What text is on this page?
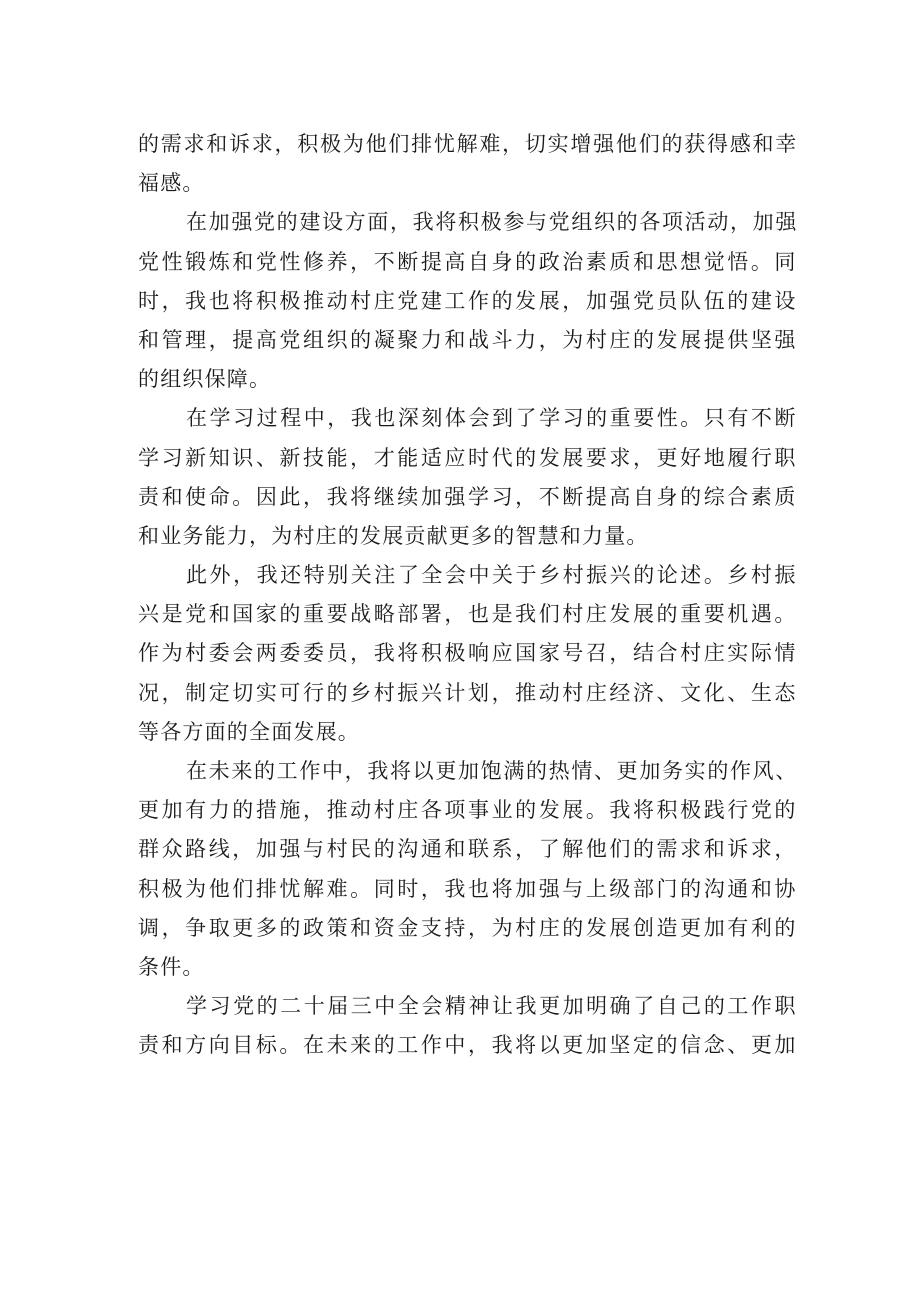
的需求和诉求，积极为他们排忧解难，切实增强他们的获得感和幸
福感。
在加强党的建设方面，我将积极参与党组织的各项活动，加强
党性锻炼和党性修养，不断提高自身的政治素质和思想觉悟。同
时，我也将积极推动村庄党建工作的发展，加强党员队伍的建设
和管理，提高党组织的凝聚力和战斗力，为村庄的发展提供坚强
的组织保障。
在学习过程中，我也深刻体会到了学习的重要性。只有不断
学习新知识、新技能，才能适应时代的发展要求，更好地履行职
责和使命。因此，我将继续加强学习，不断提高自身的综合素质
和业务能力，为村庄的发展贡献更多的智慧和力量。
此外，我还特别关注了全会中关于乡村振兴的论述。乡村振
兴是党和国家的重要战略部署，也是我们村庄发展的重要机遇。
作为村委会两委委员，我将积极响应国家号召，结合村庄实际情
况，制定切实可行的乡村振兴计划，推动村庄经济、文化、生态
等各方面的全面发展。
在未来的工作中，我将以更加饱满的热情、更加务实的作风、
更加有力的措施，推动村庄各项事业的发展。我将积极践行党的
群众路线，加强与村民的沟通和联系，了解他们的需求和诉求，
积极为他们排忧解难。同时，我也将加强与上级部门的沟通和协
调，争取更多的政策和资金支持，为村庄的发展创造更加有利的
条件。
学习党的二十届三中全会精神让我更加明确了自己的工作职
责和方向目标。在未来的工作中，我将以更加坚定的信念、更加
